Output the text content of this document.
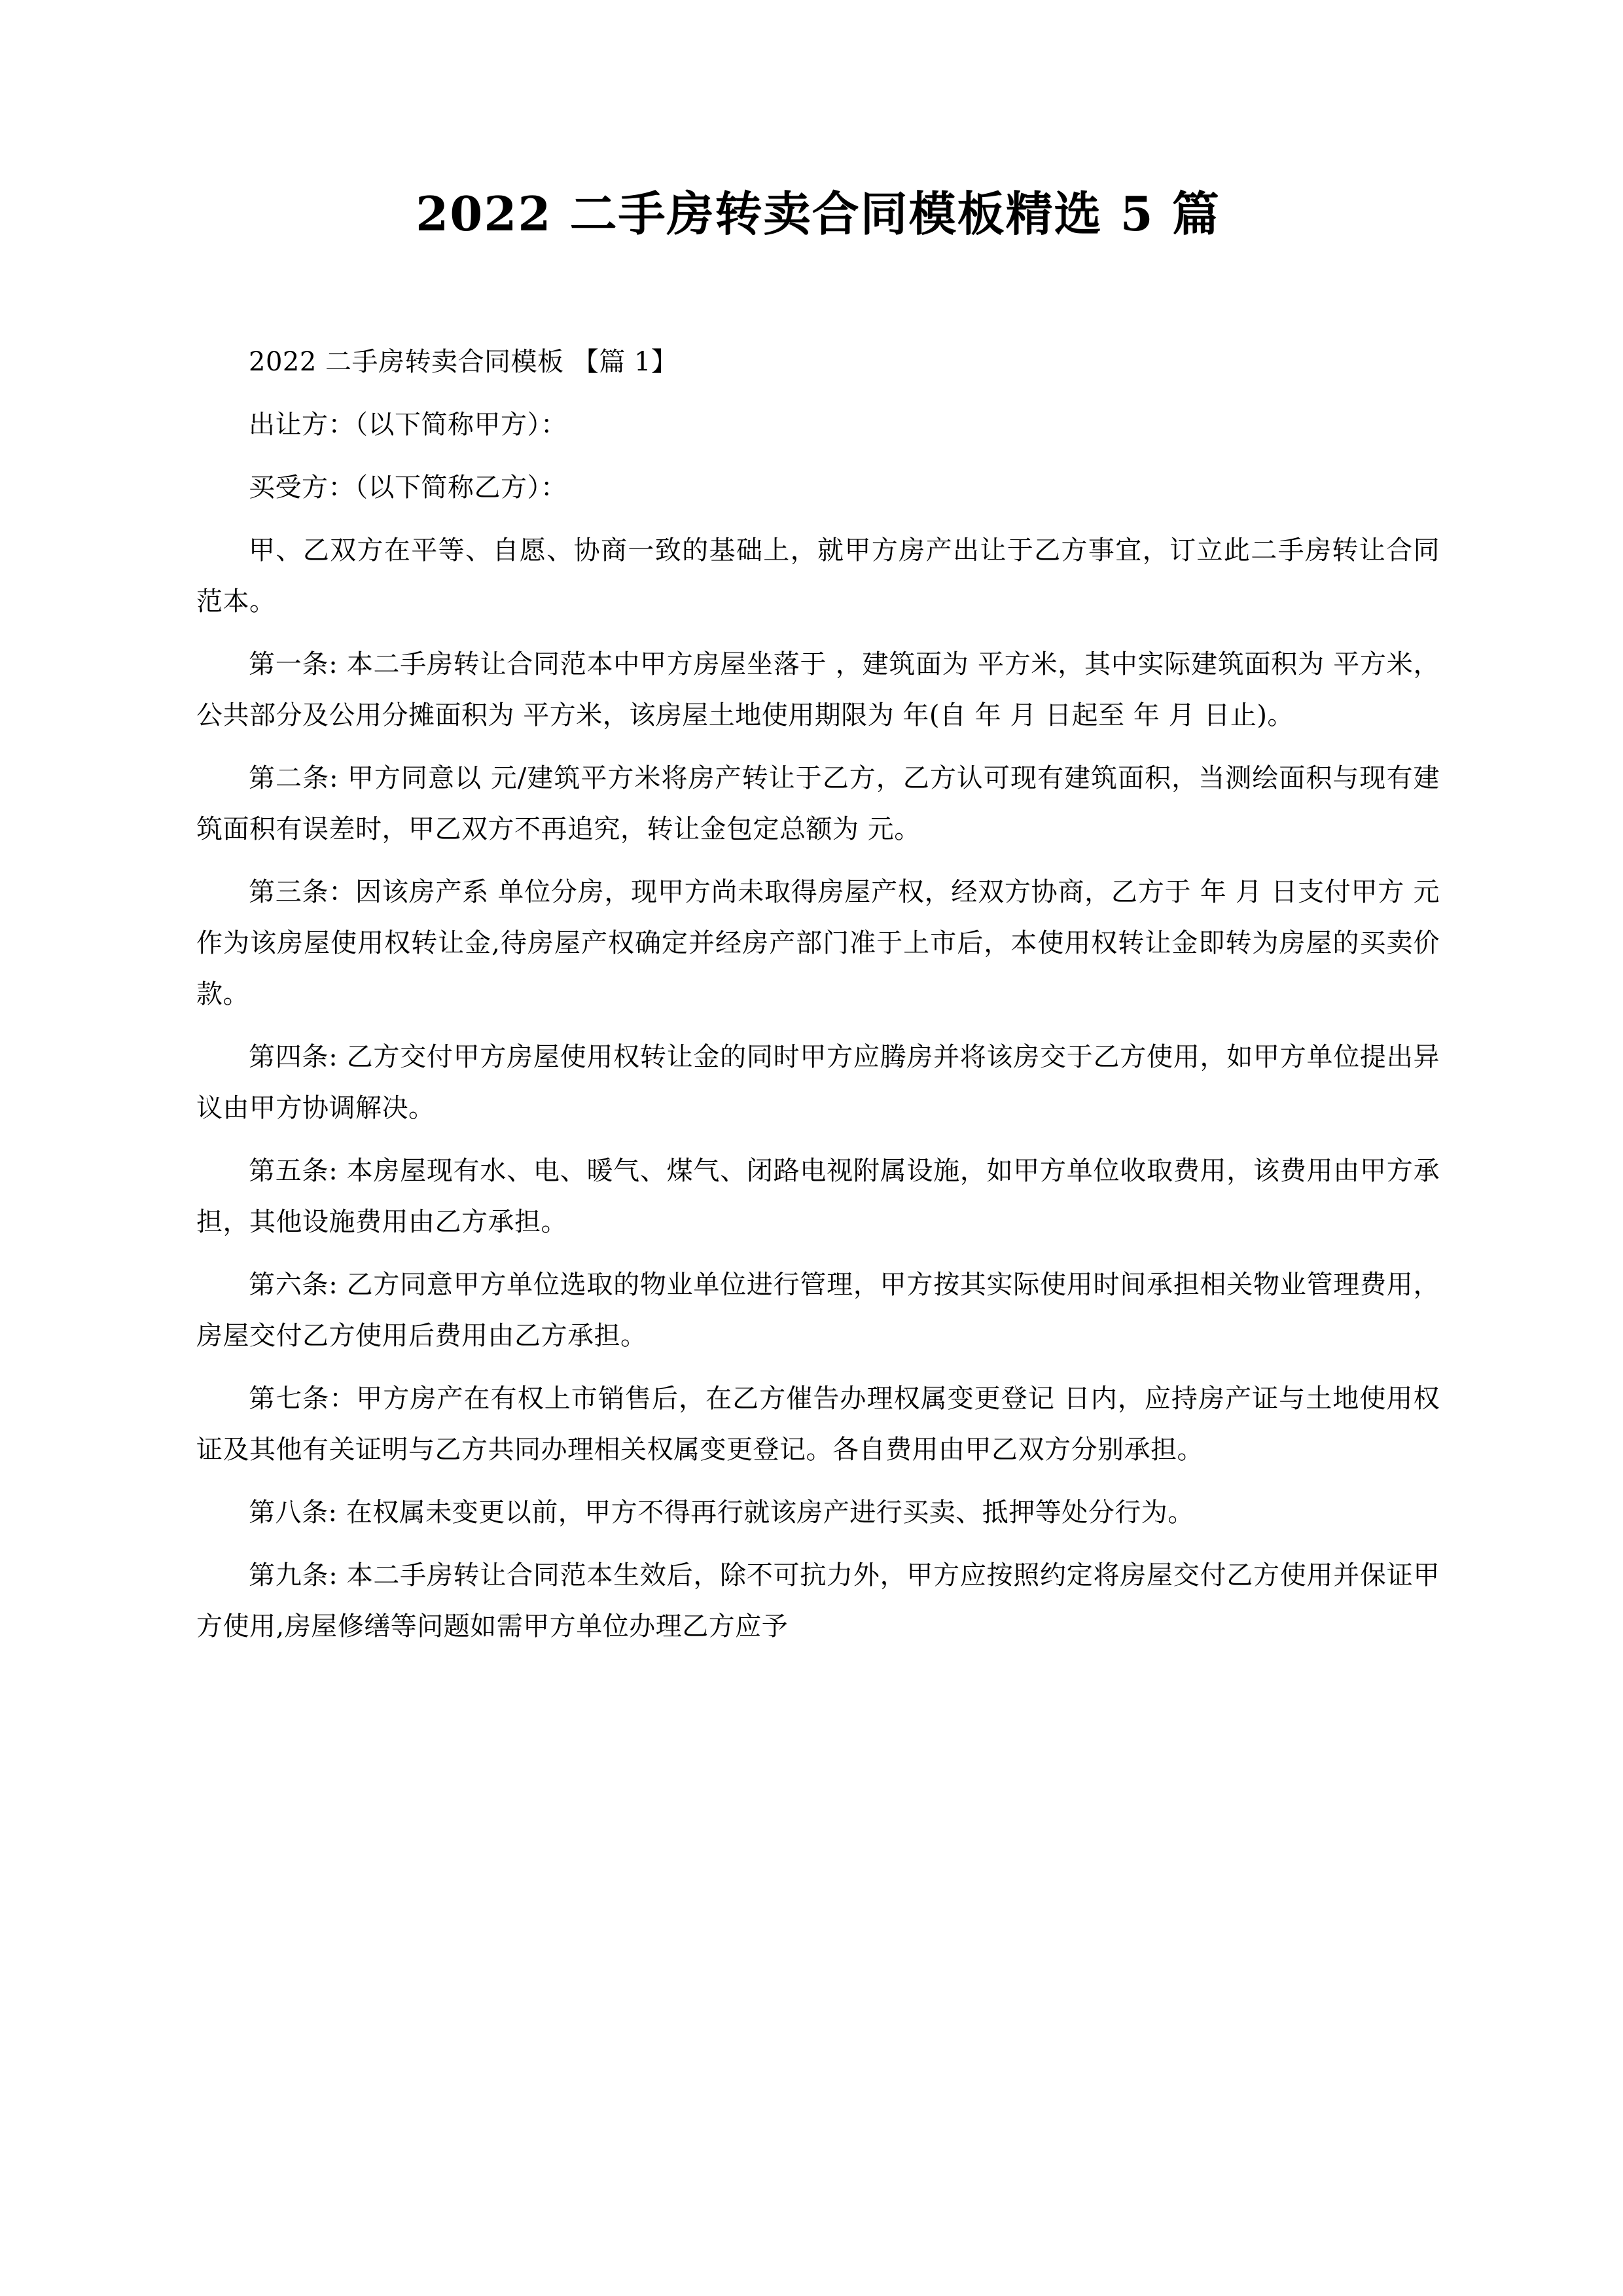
2022 二手房转卖合同模板精选 5 篇

2022 二手房转卖合同模板 【篇 1】

出让方：（以下简称甲方）：

买受方：（以下简称乙方）：

甲、乙双方在平等、自愿、协商一致的基础上，就甲方房产出让于乙方事宜，订立此二手房转让合同范本。

第一条: 本二手房转让合同范本中甲方房屋坐落于 ，建筑面为 平方米，其中实际建筑面积为 平方米，公共部分及公用分摊面积为 平方米，该房屋土地使用期限为 年(自 年 月 日起至 年 月 日止)。

第二条: 甲方同意以 元/建筑平方米将房产转让于乙方，乙方认可现有建筑面积，当测绘面积与现有建筑面积有误差时，甲乙双方不再追究，转让金包定总额为 元。

第三条：因该房产系 单位分房，现甲方尚未取得房屋产权，经双方协商，乙方于 年 月 日支付甲方 元作为该房屋使用权转让金,待房屋产权确定并经房产部门准于上市后，本使用权转让金即转为房屋的买卖价款。

第四条: 乙方交付甲方房屋使用权转让金的同时甲方应腾房并将该房交于乙方使用，如甲方单位提出异议由甲方协调解决。

第五条: 本房屋现有水、电、暖气、煤气、闭路电视附属设施，如甲方单位收取费用，该费用由甲方承担，其他设施费用由乙方承担。

第六条: 乙方同意甲方单位选取的物业单位进行管理，甲方按其实际使用时间承担相关物业管理费用，房屋交付乙方使用后费用由乙方承担。

第七条：甲方房产在有权上市销售后，在乙方催告办理权属变更登记 日内，应持房产证与土地使用权证及其他有关证明与乙方共同办理相关权属变更登记。各自费用由甲乙双方分别承担。

第八条: 在权属未变更以前，甲方不得再行就该房产进行买卖、抵押等处分行为。

第九条: 本二手房转让合同范本生效后，除不可抗力外，甲方应按照约定将房屋交付乙方使用并保证甲方使用,房屋修缮等问题如需甲方单位办理乙方应予
